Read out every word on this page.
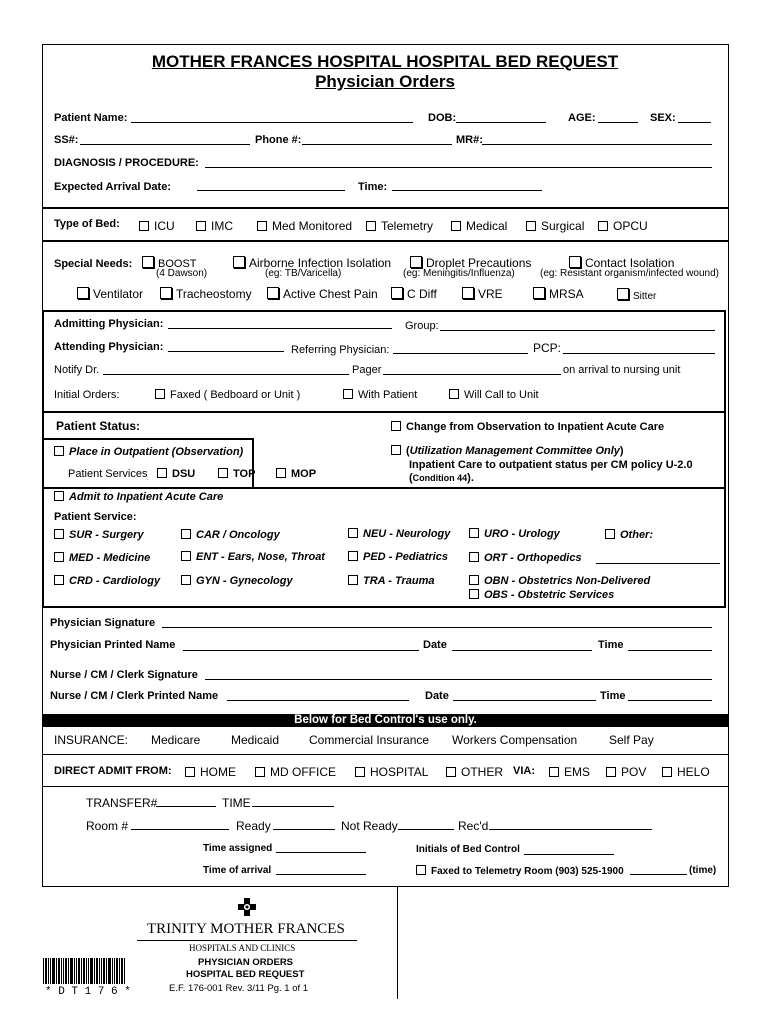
MOTHER FRANCES HOSPITAL HOSPITAL BED REQUEST
Physician Orders
Patient Name:	DOB:	AGE:	SEX:
SS#:	Phone #:	MR#:
DIAGNOSIS / PROCEDURE:
Expected Arrival Date:	Time:
Type of Bed:	ICU	IMC	Med Monitored	Telemetry	Medical	Surgical	OPCU
Special Needs:	BOOST
(4 Dawson)
Airborne Infection Isolation
(eg: TB/Varicella)
Droplet Precautions
(eg: Meningitis/Influenza)
Contact Isolation
(eg: Resistant organism/infected wound)
Ventilator	Tracheostomy	Active Chest Pain	C Diff	VRE	MRSA	Sitter
Admitting Physician:	Group:
Attending Physician:	Referring Physician:	PCP:
Notify Dr.	Pager	on arrival to nursing unit
Initial Orders:	Faxed ( Bedboard or Unit )	With Patient	Will Call to Unit
Patient Status:	Change from Observation to Inpatient Acute Care
Place in Outpatient (Observation)
Patient Services	DSU	TOP	MOP
(Utilization Management Committee Only)
Inpatient Care to outpatient status per CM policy U-2.0
(Condition 44).
Admit to Inpatient Acute Care
Patient Service:
SUR - Surgery	CAR / Oncology	NEU - Neurology	URO - Urology	Other:
MED - Medicine	ENT - Ears, Nose, Throat	PED - Pediatrics	ORT - Orthopedics
CRD - Cardiology	GYN - Gynecology	TRA - Trauma	OBN - Obstetrics Non-Delivered
OBS - Obstetric Services
Physician Signature
Physician Printed Name	Date	Time
Nurse / CM / Clerk Signature
Nurse / CM / Clerk Printed Name	Date	Time
Below for Bed Control's use only.
INSURANCE: Medicare	Medicaid Commercial Insurance Workers Compensation	Self Pay
DIRECT ADMIT FROM:	HOME	MD OFFICE	HOSPITAL	OTHER VIA:	EMS	POV	HELO
TRANSFER#	TIME
Room #	Ready	Not Ready	Rec'd
Time assigned	Initials of Bed Control
Time of arrival	Faxed to Telemetry Room (903) 525-1900	(time)
TRINITY MOTHER FRANCES
HOSPITALS AND CLINICS
PHYSICIAN ORDERS
HOSPITAL BED REQUEST
E.F. 176-001 Rev. 3/11 Pg. 1 of 1
* D T 1 7 6 *
